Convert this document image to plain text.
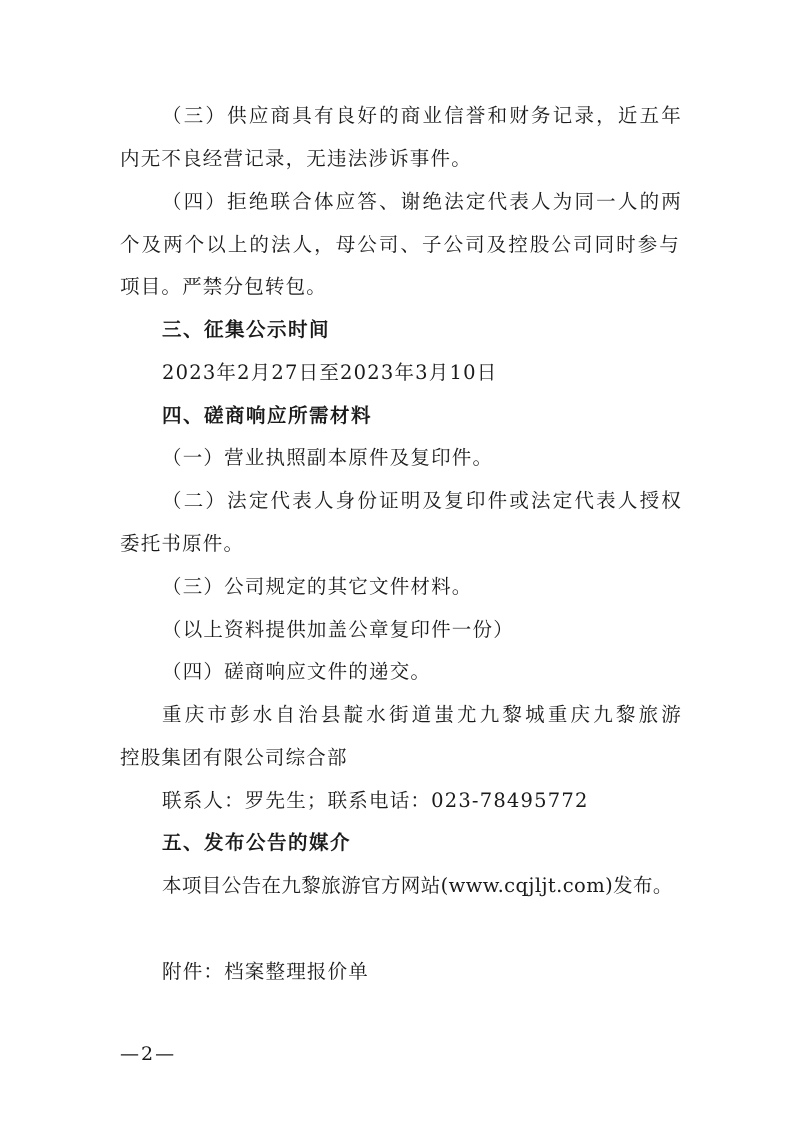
（三）供应商具有良好的商业信誉和财务记录，近五年
内无不良经营记录，无违法涉诉事件。
（四）拒绝联合体应答、谢绝法定代表人为同一人的两
个及两个以上的法人，母公司、子公司及控股公司同时参与
项目。严禁分包转包。
三、征集公示时间
2023年2月27日至2023年3月10日
四、磋商响应所需材料
（一）营业执照副本原件及复印件。
（二）法定代表人身份证明及复印件或法定代表人授权
委托书原件。
（三）公司规定的其它文件材料。
（以上资料提供加盖公章复印件一份）
（四）磋商响应文件的递交。
重庆市彭水自治县靛水街道蚩尤九黎城重庆九黎旅游
控股集团有限公司综合部
联系人：罗先生；联系电话：023-78495772
五、发布公告的媒介
本项目公告在九黎旅游官方网站(www.cqjljt.com)发布。
附件：档案整理报价单
—2—
